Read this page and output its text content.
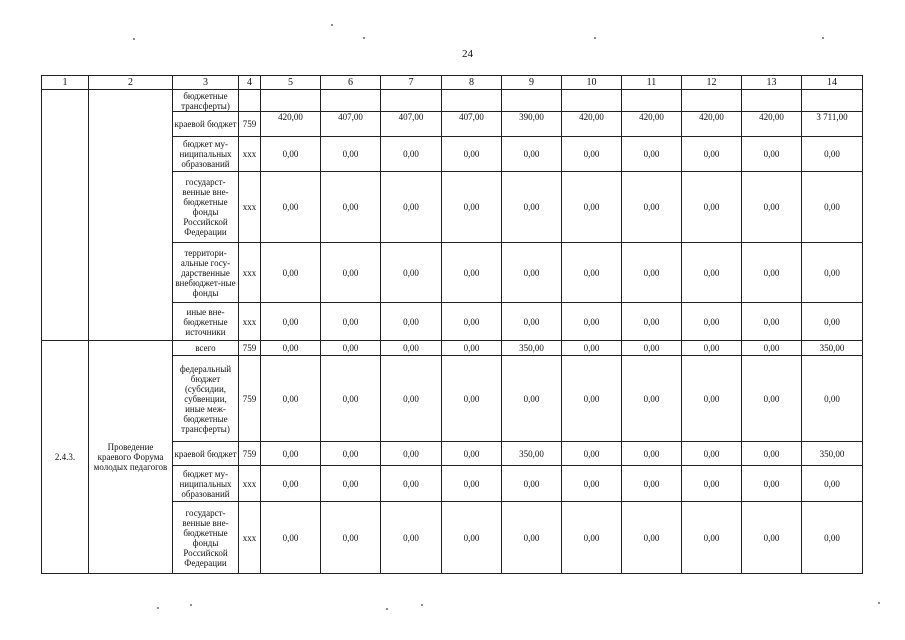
24
1	2	3	4	5	6	7	8	9	10	11	12	13	14
		бюджетные трансферты)											
		краевой бюджет	759	420,00	407,00	407,00	407,00	390,00	420,00	420,00	420,00	420,00	3 711,00
		бюджет му-ниципальных образований	ххх	0,00	0,00	0,00	0,00	0,00	0,00	0,00	0,00	0,00	0,00
		государст-венные вне-бюджетные фонды Российской Федерации	ххх	0,00	0,00	0,00	0,00	0,00	0,00	0,00	0,00	0,00	0,00
		территори-альные госу-дарственные внебюджет-ные фонды	ххх	0,00	0,00	0,00	0,00	0,00	0,00	0,00	0,00	0,00	0,00
		иные вне-бюджетные источники	ххх	0,00	0,00	0,00	0,00	0,00	0,00	0,00	0,00	0,00	0,00
2.4.3.	Проведение краевого Форума молодых педагогов	всего	759	0,00	0,00	0,00	0,00	350,00	0,00	0,00	0,00	0,00	350,00
		федеральный бюджет (субсидии, субвенции, иные меж-бюджетные трансферты)	759	0,00	0,00	0,00	0,00	0,00	0,00	0,00	0,00	0,00	0,00
		краевой бюджет	759	0,00	0,00	0,00	0,00	350,00	0,00	0,00	0,00	0,00	350,00
		бюджет му-ниципальных образований	ххх	0,00	0,00	0,00	0,00	0,00	0,00	0,00	0,00	0,00	0,00
		государст-венные вне-бюджетные фонды Российской Федерации	ххх	0,00	0,00	0,00	0,00	0,00	0,00	0,00	0,00	0,00	0,00
